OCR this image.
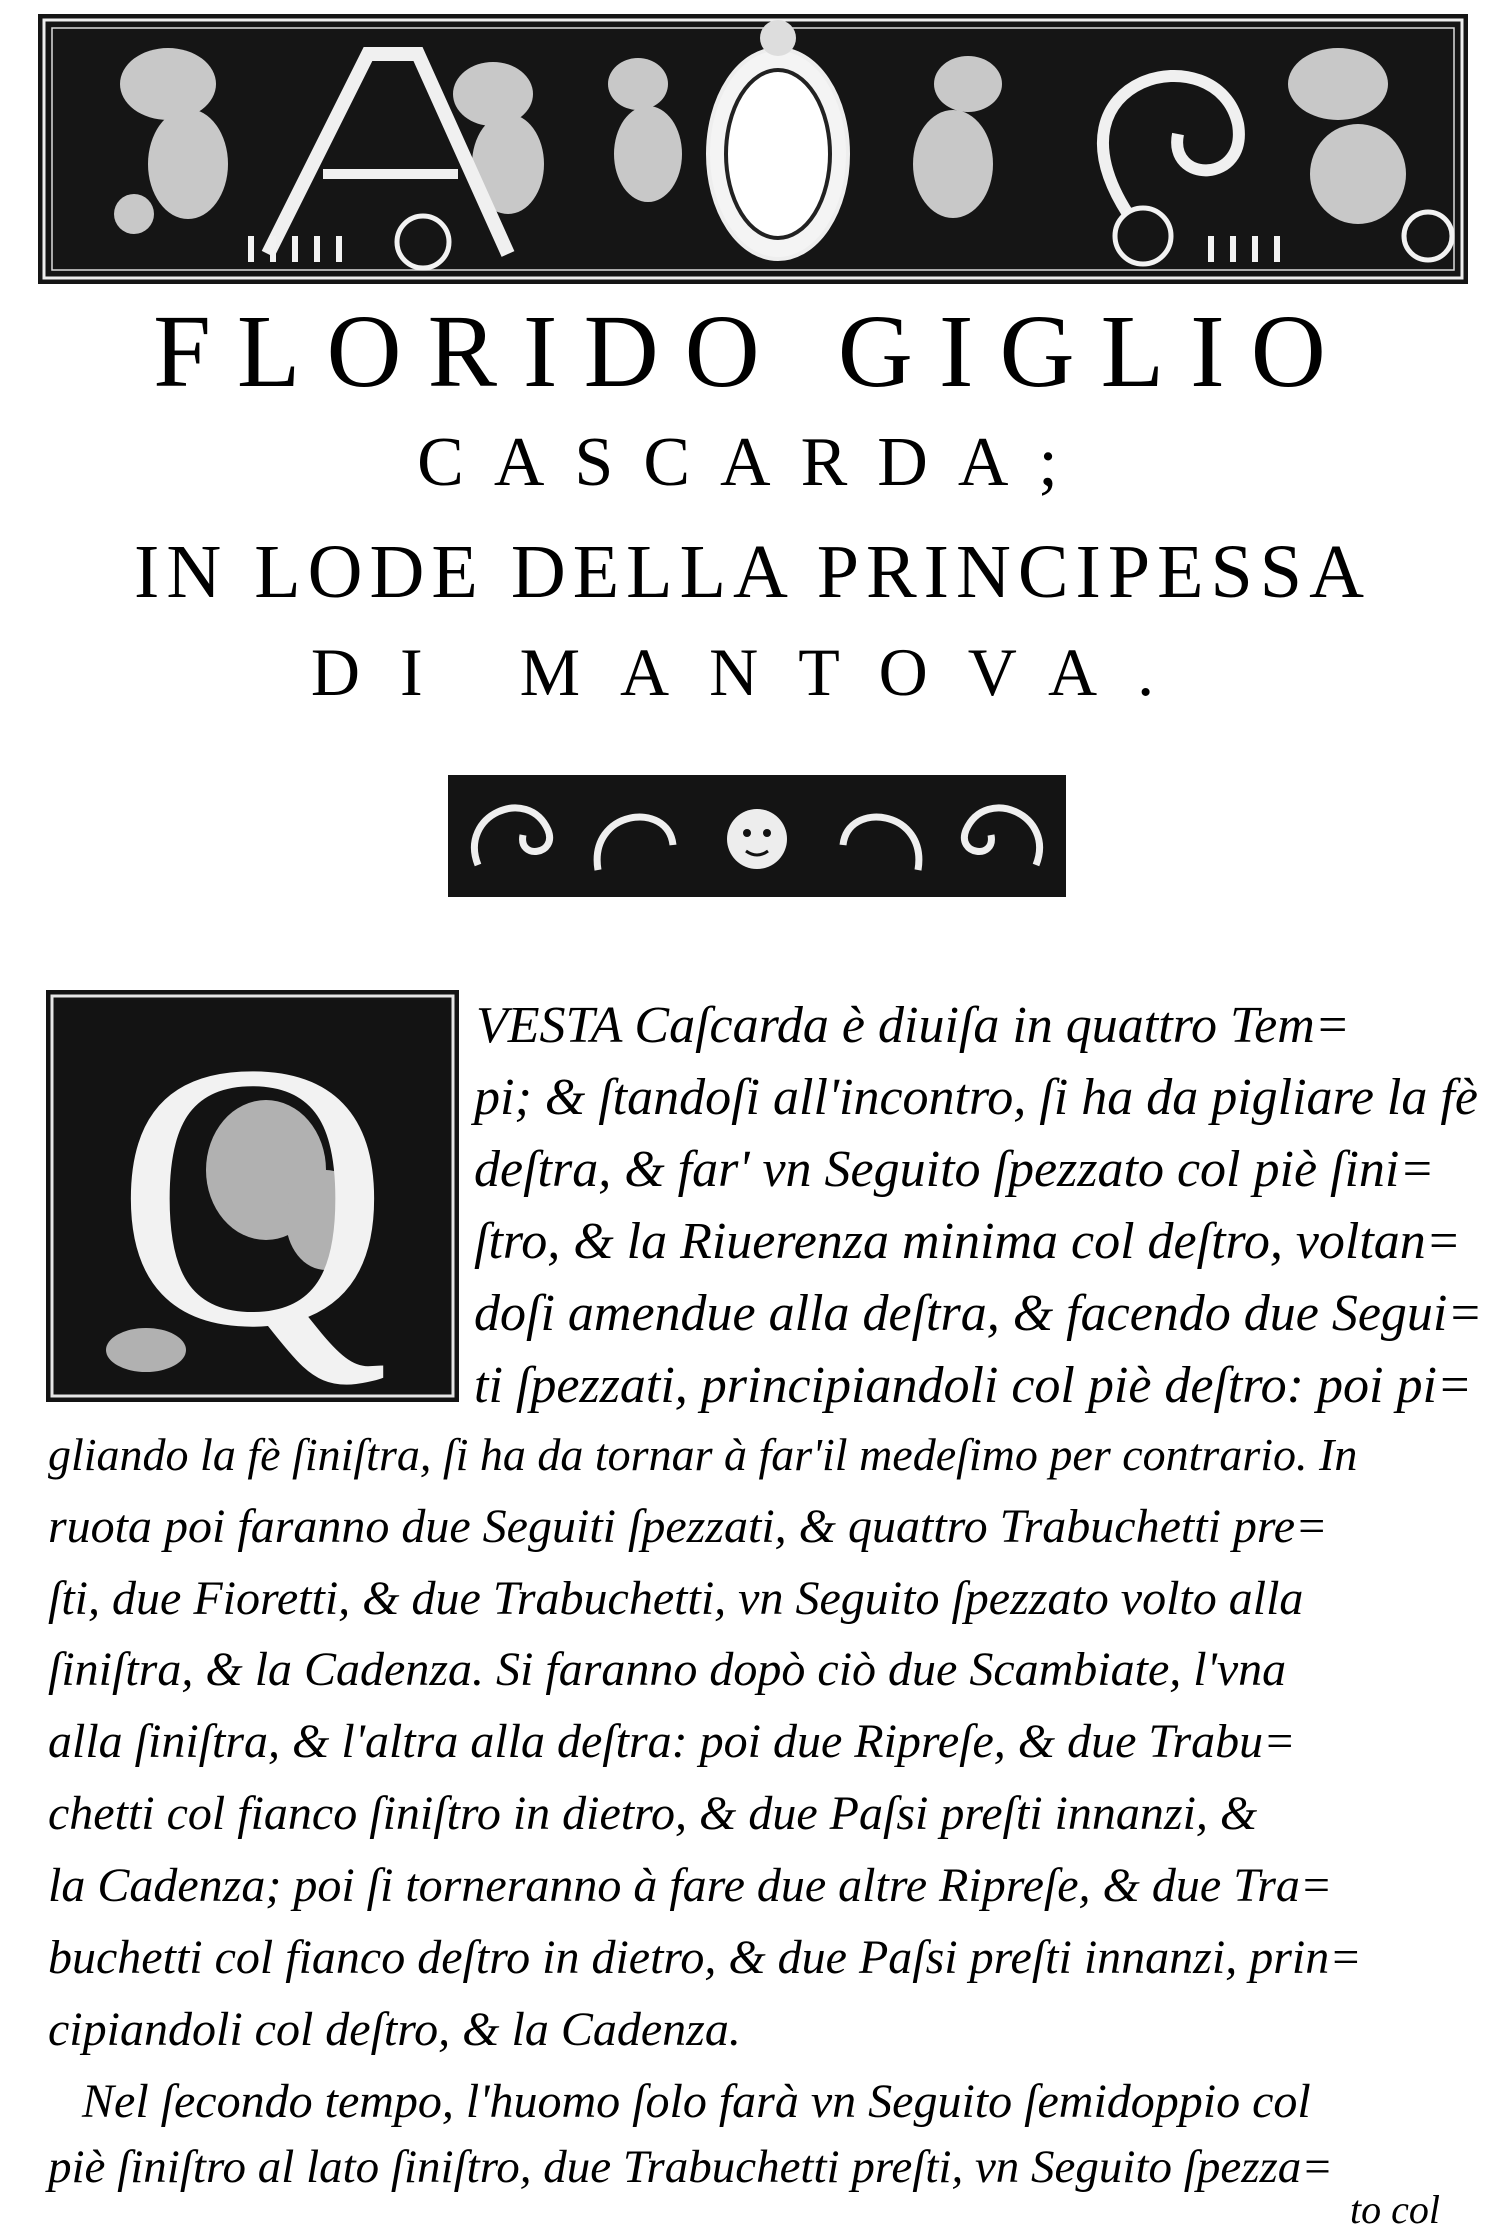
FLORIDO GIGLIO
CASCARDA;
IN LODE DELLA PRINCIPESSA
DI MANTOVA.
Q	VESTA Caſcarda è diuiſa in quattro Tem=
pi; & ſtandoſi all'incontro, ſi ha da pigliare la fè
deſtra, & far' vn Seguito ſpezzato col piè ſini=
ſtro, & la Riuerenza minima col deſtro, voltan=
doſi amendue alla deſtra, & facendo due Segui=
ti ſpezzati, principiandoli col piè deſtro: poi pi=
gliando la fè ſiniſtra, ſi ha da tornar à far'il medeſimo per contrario. In
ruota poi faranno due Seguiti ſpezzati, & quattro Trabuchetti pre=
ſti, due Fioretti, & due Trabuchetti, vn Seguito ſpezzato volto alla
ſiniſtra, & la Cadenza. Si faranno dopò ciò due Scambiate, l'vna
alla ſiniſtra, & l'altra alla deſtra: poi due Ripreſe, & due Trabu=
chetti col fianco ſiniſtro in dietro, & due Paſsi preſti innanzi, &
la Cadenza; poi ſi torneranno à fare due altre Ripreſe, & due Tra=
buchetti col fianco deſtro in dietro, & due Paſsi preſti innanzi, prin=
cipiandoli col deſtro, & la Cadenza.
Nel ſecondo tempo, l'huomo ſolo farà vn Seguito ſemidoppio col
piè ſiniſtro al lato ſiniſtro, due Trabuchetti preſti, vn Seguito ſpezza=
to col
